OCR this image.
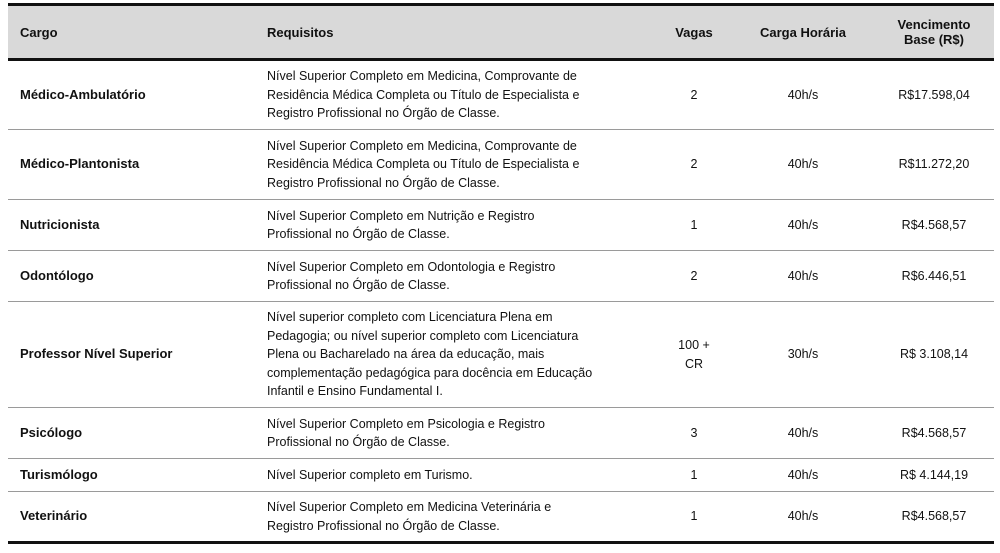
Cargo	Requisitos	Vagas	Carga Horária	Vencimento
Base (R$)

Médico-Ambulatório	Nível Superior Completo em Medicina, Comprovante de
Residência Médica Completa ou Título de Especialista e
Registro Profissional no Órgão de Classe.	2	40h/s	R$17.598,04
Médico-Plantonista	Nível Superior Completo em Medicina, Comprovante de
Residência Médica Completa ou Título de Especialista e
Registro Profissional no Órgão de Classe.	2	40h/s	R$11.272,20
Nutricionista	Nível Superior Completo em Nutrição e Registro
Profissional no Órgão de Classe.	1	40h/s	R$4.568,57
Odontólogo	Nível Superior Completo em Odontologia e Registro
Profissional no Órgão de Classe.	2	40h/s	R$6.446,51
Professor Nível Superior	Nível superior completo com Licenciatura Plena em
Pedagogia; ou nível superior completo com Licenciatura
Plena ou Bacharelado na área da educação, mais
complementação pedagógica para docência em Educação
Infantil e Ensino Fundamental I.	100 + CR	30h/s	R$ 3.108,14
Psicólogo	Nível Superior Completo em Psicologia e Registro
Profissional no Órgão de Classe.	3	40h/s	R$4.568,57
Turismólogo	Nível Superior completo em Turismo.	1	40h/s	R$ 4.144,19
Veterinário	Nível Superior Completo em Medicina Veterinária e
Registro Profissional no Órgão de Classe.	1	40h/s	R$4.568,57
